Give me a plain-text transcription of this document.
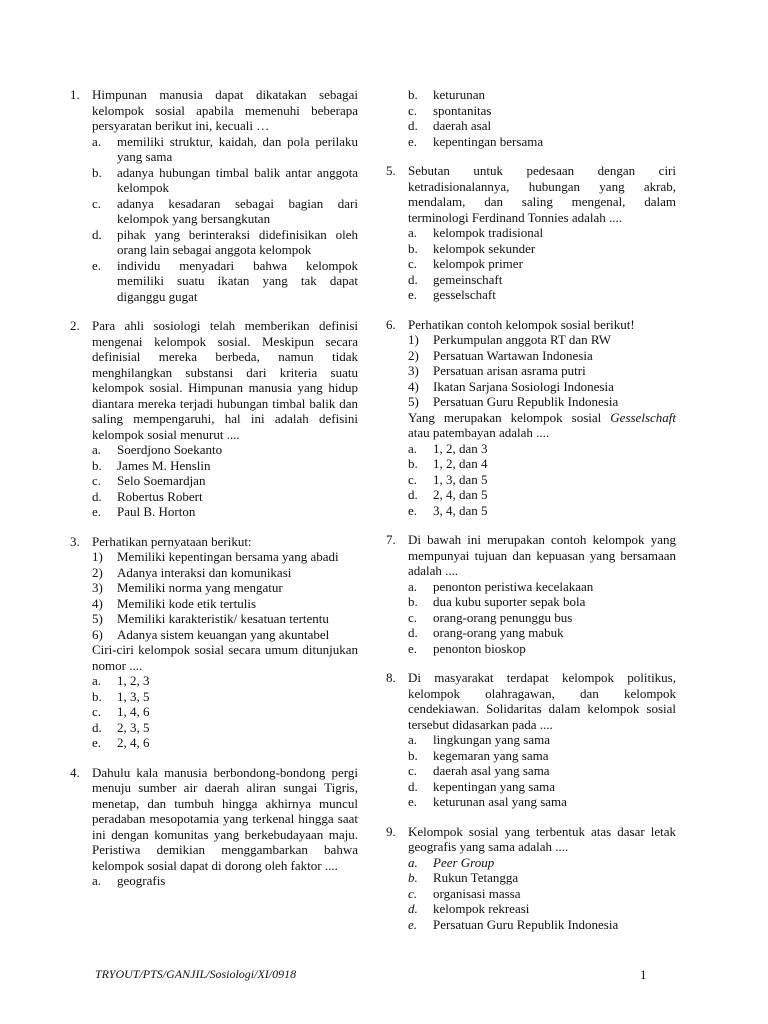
1. Himpunan manusia dapat dikatakan sebagai kelompok sosial apabila memenuhi beberapa persyaratan berikut ini, kecuali …
a.	memiliki struktur, kaidah, dan pola perilaku yang sama
b.	adanya hubungan timbal balik antar anggota kelompok
c.	adanya kesadaran sebagai bagian dari kelompok yang bersangkutan
d.	pihak yang berinteraksi didefinisikan oleh orang lain sebagai anggota kelompok
e.	individu menyadari bahwa kelompok memiliki suatu ikatan yang tak dapat diganggu gugat
2. Para ahli sosiologi telah memberikan definisi mengenai kelompok sosial. Meskipun secara definisial mereka berbeda, namun tidak menghilangkan substansi dari kriteria suatu kelompok sosial. Himpunan manusia yang hidup diantara mereka terjadi hubungan timbal balik dan saling mempengaruhi, hal ini adalah defisini kelompok sosial menurut ....
a.	Soerdjono Soekanto
b.	James M. Henslin
c.	Selo Soemardjan
d.	Robertus Robert
e.	Paul B. Horton
3. Perhatikan pernyataan berikut:
1)	Memiliki kepentingan bersama yang abadi
2)	Adanya interaksi dan komunikasi
3)	Memiliki norma yang mengatur
4)	Memiliki kode etik tertulis
5)	Memiliki karakteristik/ kesatuan tertentu
6)	Adanya sistem keuangan yang akuntabel
Ciri-ciri kelompok sosial secara umum ditunjukan nomor ....
a.	1, 2, 3
b.	1, 3, 5
c.	1, 4, 6
d.	2, 3, 5
e.	2, 4, 6
4. Dahulu kala manusia berbondong-bondong pergi menuju sumber air daerah aliran sungai Tigris, menetap, dan tumbuh hingga akhirnya muncul peradaban mesopotamia yang terkenal hingga saat ini dengan komunitas yang berkebudayaan maju. Peristiwa demikian menggambarkan bahwa kelompok sosial dapat di dorong oleh faktor ....
a.	geografis
b.	keturunan
c.	spontanitas
d.	daerah asal
e.	kepentingan bersama
5. Sebutan untuk pedesaan dengan ciri ketradisionalannya, hubungan yang akrab, mendalam, dan saling mengenal, dalam terminologi Ferdinand Tonnies adalah ....
a.	kelompok tradisional
b.	kelompok sekunder
c.	kelompok primer
d.	gemeinschaft
e.	gesselschaft
6. Perhatikan contoh kelompok sosial berikut!
1)	Perkumpulan anggota RT dan RW
2)	Persatuan Wartawan Indonesia
3)	Persatuan arisan asrama putri
4)	Ikatan Sarjana Sosiologi Indonesia
5)	Persatuan Guru Republik Indonesia
Yang merupakan kelompok sosial Gesselschaft atau patembayan adalah ....
a.	1, 2, dan 3
b.	1, 2, dan 4
c.	1, 3, dan 5
d.	2, 4, dan 5
e.	3, 4, dan 5
7. Di bawah ini merupakan contoh kelompok yang mempunyai tujuan dan kepuasan yang bersamaan adalah ....
a.	penonton peristiwa kecelakaan
b.	dua kubu suporter sepak bola
c.	orang-orang penunggu bus
d.	orang-orang yang mabuk
e.	penonton bioskop
8. Di masyarakat terdapat kelompok politikus, kelompok olahragawan, dan kelompok cendekiawan. Solidaritas dalam kelompok sosial tersebut didasarkan pada ....
a.	lingkungan yang sama
b.	kegemaran yang sama
c.	daerah asal yang sama
d.	kepentingan yang sama
e.	keturunan asal yang sama
9. Kelompok sosial yang terbentuk atas dasar letak geografis yang sama adalah ....
a.	Peer Group
b.	Rukun Tetangga
c.	organisasi massa
d.	kelompok rekreasi
e.	Persatuan Guru Republik Indonesia
TRYOUT/PTS/GANJIL/Sosiologi/XI/0918	1
